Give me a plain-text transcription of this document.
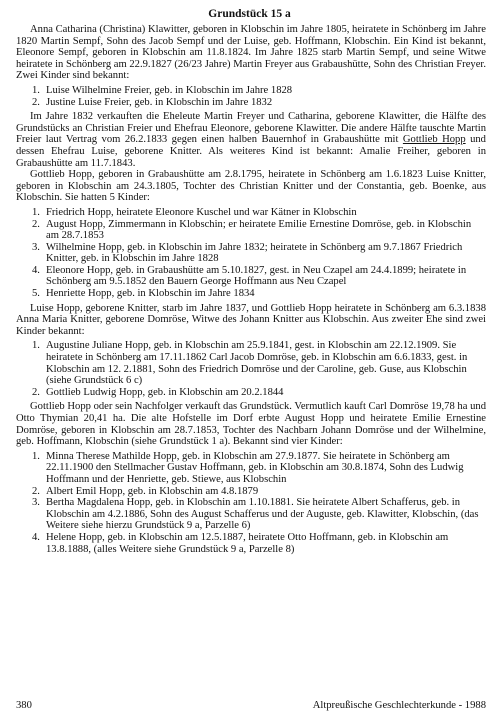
Grundstück 15 a

Anna Catharina (Christina) Klawitter, geboren in Klobschin im Jahre 1805, heiratete in Schönberg im Jahre 1820 Martin Sempf, Sohn des Jacob Sempf und der Luise, geb. Hoffmann, Klobschin. Ein Kind ist bekannt, Eleonore Sempf, geboren in Klobschin am 11.8.1824. Im Jahre 1825 starb Martin Sempf, und seine Witwe heiratete in Schönberg am 22.9.1827 (26/23 Jahre) Martin Freyer aus Grabaushütte, Sohn des Christian Freyer. Zwei Kinder sind bekannt:

1. Luise Wilhelmine Freier, geb. in Klobschin im Jahre 1828
2. Justine Luise Freier, geb. in Klobschin im Jahre 1832

Im Jahre 1832 verkauften die Eheleute Martin Freyer und Catharina, geborene Klawitter, die Hälfte des Grundstücks an Christian Freier und Ehefrau Eleonore, geborene Klawitter. Die andere Hälfte tauschte Martin Freier laut Vertrag vom 26.2.1833 gegen einen halben Bauernhof in Grabaushütte mit Gottlieb Hopp und dessen Ehefrau Luise, geborene Knitter. Als weiteres Kind ist bekannt: Amalie Freiher, geboren in Grabaushütte am 11.7.1843.

Gottlieb Hopp, geboren in Grabaushütte am 2.8.1795, heiratete in Schönberg am 1.6.1823 Luise Knitter, geboren in Klobschin am 24.3.1805, Tochter des Christian Knitter und der Constantia, geb. Boenke, aus Klobschin. Sie hatten 5 Kinder:

1. Friedrich Hopp, heiratete Eleonore Kuschel und war Kätner in Klobschin
2. August Hopp, Zimmermann in Klobschin; er heiratete Emilie Ernestine Domröse, geb. in Klobschin am 28.7.1853
3. Wilhelmine Hopp, geb. in Klobschin im Jahre 1832; heiratete in Schönberg am 9.7.1867 Friedrich Knitter, geb. in Klobschin im Jahre 1828
4. Eleonore Hopp, geb. in Grabaushütte am 5.10.1827, gest. in Neu Czapel am 24.4.1899; heiratete in Schönberg am 9.5.1852 den Bauern George Hoffmann aus Neu Czapel
5. Henriette Hopp, geb. in Klobschin im Jahre 1834

Luise Hopp, geborene Knitter, starb im Jahre 1837, und Gottlieb Hopp heiratete in Schönberg am 6.3.1838 Anna Maria Knitter, geborene Domröse, Witwe des Johann Knitter aus Klobschin. Aus zweiter Ehe sind zwei Kinder bekannt:

1. Augustine Juliane Hopp, geb. in Klobschin am 25.9.1841, gest. in Klobschin am 22.12.1909. Sie heiratete in Schönberg am 17.11.1862 Carl Jacob Domröse, geb. in Klobschin am 6.6.1833, gest. in Klobschin am 12. 2.1881, Sohn des Friedrich Domröse und der Caroline, geb. Guse, aus Klobschin (siehe Grundstück 6 c)
2. Gottlieb Ludwig Hopp, geb. in Klobschin am 20.2.1844

Gottlieb Hopp oder sein Nachfolger verkauft das Grundstück. Vermutlich kauft Carl Domröse 19,78 ha und Otto Thymian 20,41 ha. Die alte Hofstelle im Dorf erbte August Hopp und heiratete Emilie Ernestine Domröse, geboren in Klobschin am 28.7.1853, Tochter des Nachbarn Johann Domröse und der Wilhelmine, geb. Hoffmann, Klobschin (siehe Grundstück 1 a). Bekannt sind vier Kinder:

1. Minna Therese Mathilde Hopp, geb. in Klobschin am 27.9.1877. Sie heiratete in Schönberg am 22.11.1900 den Stellmacher Gustav Hoffmann, geb. in Klobschin am 30.8.1874, Sohn des Ludwig Hoffmann und der Henriette, geb. Stiewe, aus Klobschin
2. Albert Emil Hopp, geb. in Klobschin am 4.8.1879
3. Bertha Magdalena Hopp, geb. in Klobschin am 1.10.1881. Sie heiratete Albert Schafferus, geb. in Klobschin am 4.2.1886, Sohn des August Schafferus und der Auguste, geb. Klawitter, Klobschin, (das Weitere siehe hierzu Grundstück 9 a, Parzelle 6)
4. Helene Hopp, geb. in Klobschin am 12.5.1887, heiratete Otto Hoffmann, geb. in Klobschin am 13.8.1888, (alles Weitere siehe Grundstück 9 a, Parzelle 8)
380	Altpreußische Geschlechterkunde - 1988
